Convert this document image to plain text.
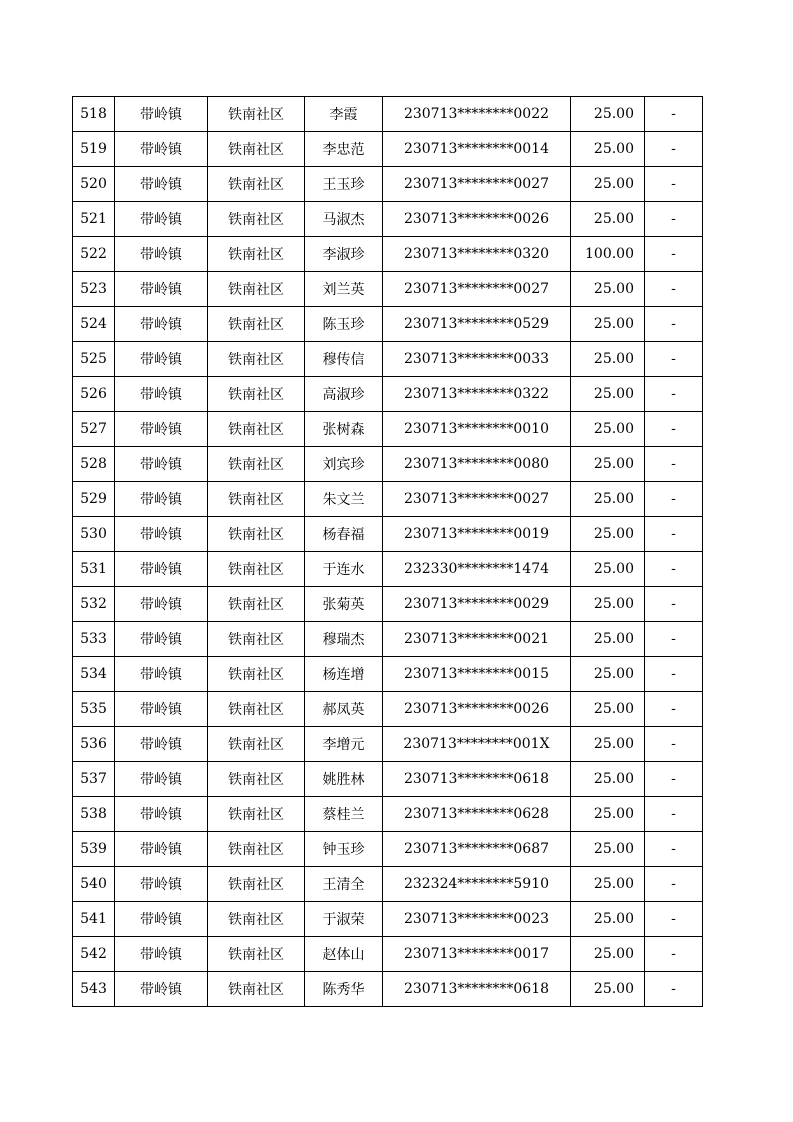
518	带岭镇	铁南社区	李霞	230713********0022	25.00	-
519	带岭镇	铁南社区	李忠范	230713********0014	25.00	-
520	带岭镇	铁南社区	王玉珍	230713********0027	25.00	-
521	带岭镇	铁南社区	马淑杰	230713********0026	25.00	-
522	带岭镇	铁南社区	李淑珍	230713********0320	100.00	-
523	带岭镇	铁南社区	刘兰英	230713********0027	25.00	-
524	带岭镇	铁南社区	陈玉珍	230713********0529	25.00	-
525	带岭镇	铁南社区	穆传信	230713********0033	25.00	-
526	带岭镇	铁南社区	高淑珍	230713********0322	25.00	-
527	带岭镇	铁南社区	张树森	230713********0010	25.00	-
528	带岭镇	铁南社区	刘宾珍	230713********0080	25.00	-
529	带岭镇	铁南社区	朱文兰	230713********0027	25.00	-
530	带岭镇	铁南社区	杨春福	230713********0019	25.00	-
531	带岭镇	铁南社区	于连水	232330********1474	25.00	-
532	带岭镇	铁南社区	张菊英	230713********0029	25.00	-
533	带岭镇	铁南社区	穆瑞杰	230713********0021	25.00	-
534	带岭镇	铁南社区	杨连增	230713********0015	25.00	-
535	带岭镇	铁南社区	郝凤英	230713********0026	25.00	-
536	带岭镇	铁南社区	李增元	230713********001X	25.00	-
537	带岭镇	铁南社区	姚胜林	230713********0618	25.00	-
538	带岭镇	铁南社区	蔡桂兰	230713********0628	25.00	-
539	带岭镇	铁南社区	钟玉珍	230713********0687	25.00	-
540	带岭镇	铁南社区	王清全	232324********5910	25.00	-
541	带岭镇	铁南社区	于淑荣	230713********0023	25.00	-
542	带岭镇	铁南社区	赵体山	230713********0017	25.00	-
543	带岭镇	铁南社区	陈秀华	230713********0618	25.00	-
